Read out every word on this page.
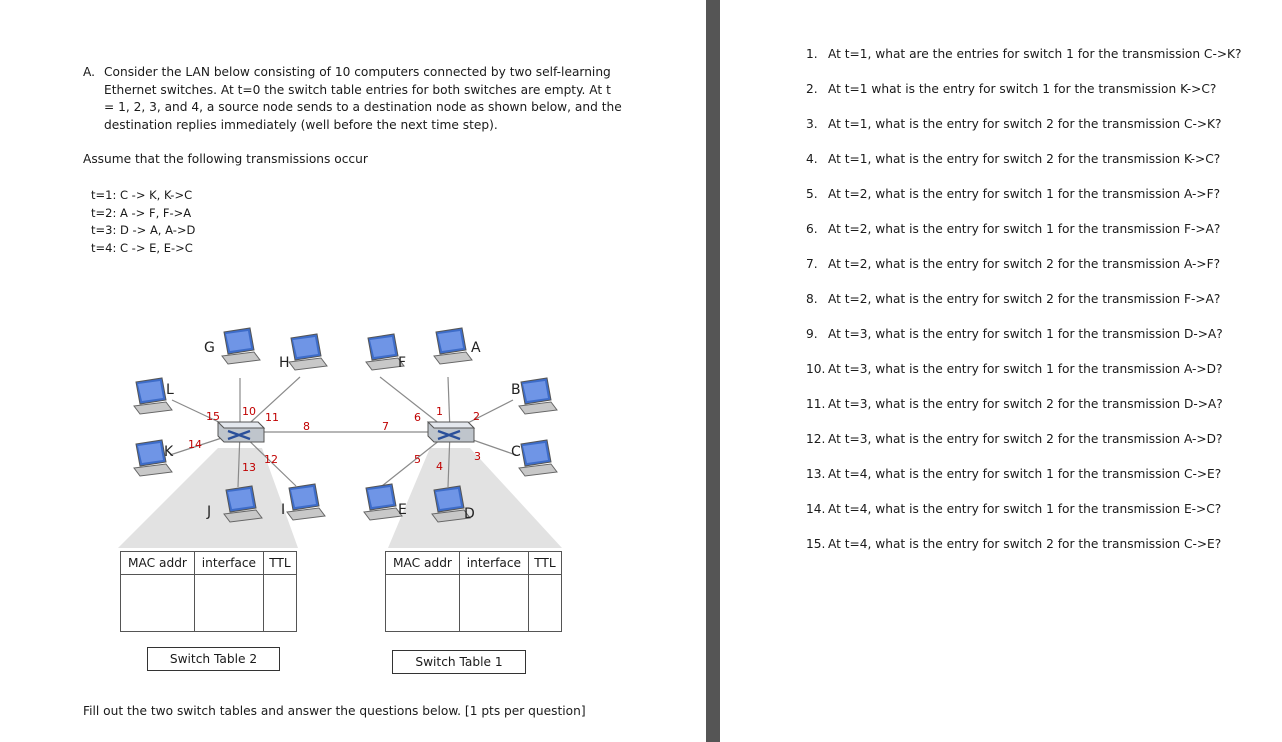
A. Consider the LAN below consisting of 10 computers connected by two self-learning Ethernet switches. At t=0 the switch table entries for both switches are empty. At t = 1, 2, 3, and 4, a source node sends to a destination node as shown below, and the destination replies immediately (well before the next time step).
Assume that the following transmissions occur
t=1: C -> K, K->C
t=2: A -> F, F->A
t=3: D -> A, A->D
t=4: C -> E, E->C
G
H
L
K
J	I
F
A
B
C
E	D
15 10 11
8
14
13
12
7
6 1	2
5
4
3
MAC addr	interface	TTL

Switch Table 2
MAC addr	interface	TTL

Switch Table 1
Fill out the two switch tables and answer the questions below. [1 pts per question]
1. At t=1, what are the entries for switch 1 for the transmission C->K?
2. At t=1 what is the entry for switch 1 for the transmission K->C?
3. At t=1, what is the entry for switch 2 for the transmission C->K?
4. At t=1, what is the entry for switch 2 for the transmission K->C?
5. At t=2, what is the entry for switch 1 for the transmission A->F?
6. At t=2, what is the entry for switch 1 for the transmission F->A?
7. At t=2, what is the entry for switch 2 for the transmission A->F?
8. At t=2, what is the entry for switch 2 for the transmission F->A?
9. At t=3, what is the entry for switch 1 for the transmission D->A?
10. At t=3, what is the entry for switch 1 for the transmission A->D?
11. At t=3, what is the entry for switch 2 for the transmission D->A?
12. At t=3, what is the entry for switch 2 for the transmission A->D?
13. At t=4, what is the entry for switch 1 for the transmission C->E?
14. At t=4, what is the entry for switch 1 for the transmission E->C?
15. At t=4, what is the entry for switch 2 for the transmission C->E?
